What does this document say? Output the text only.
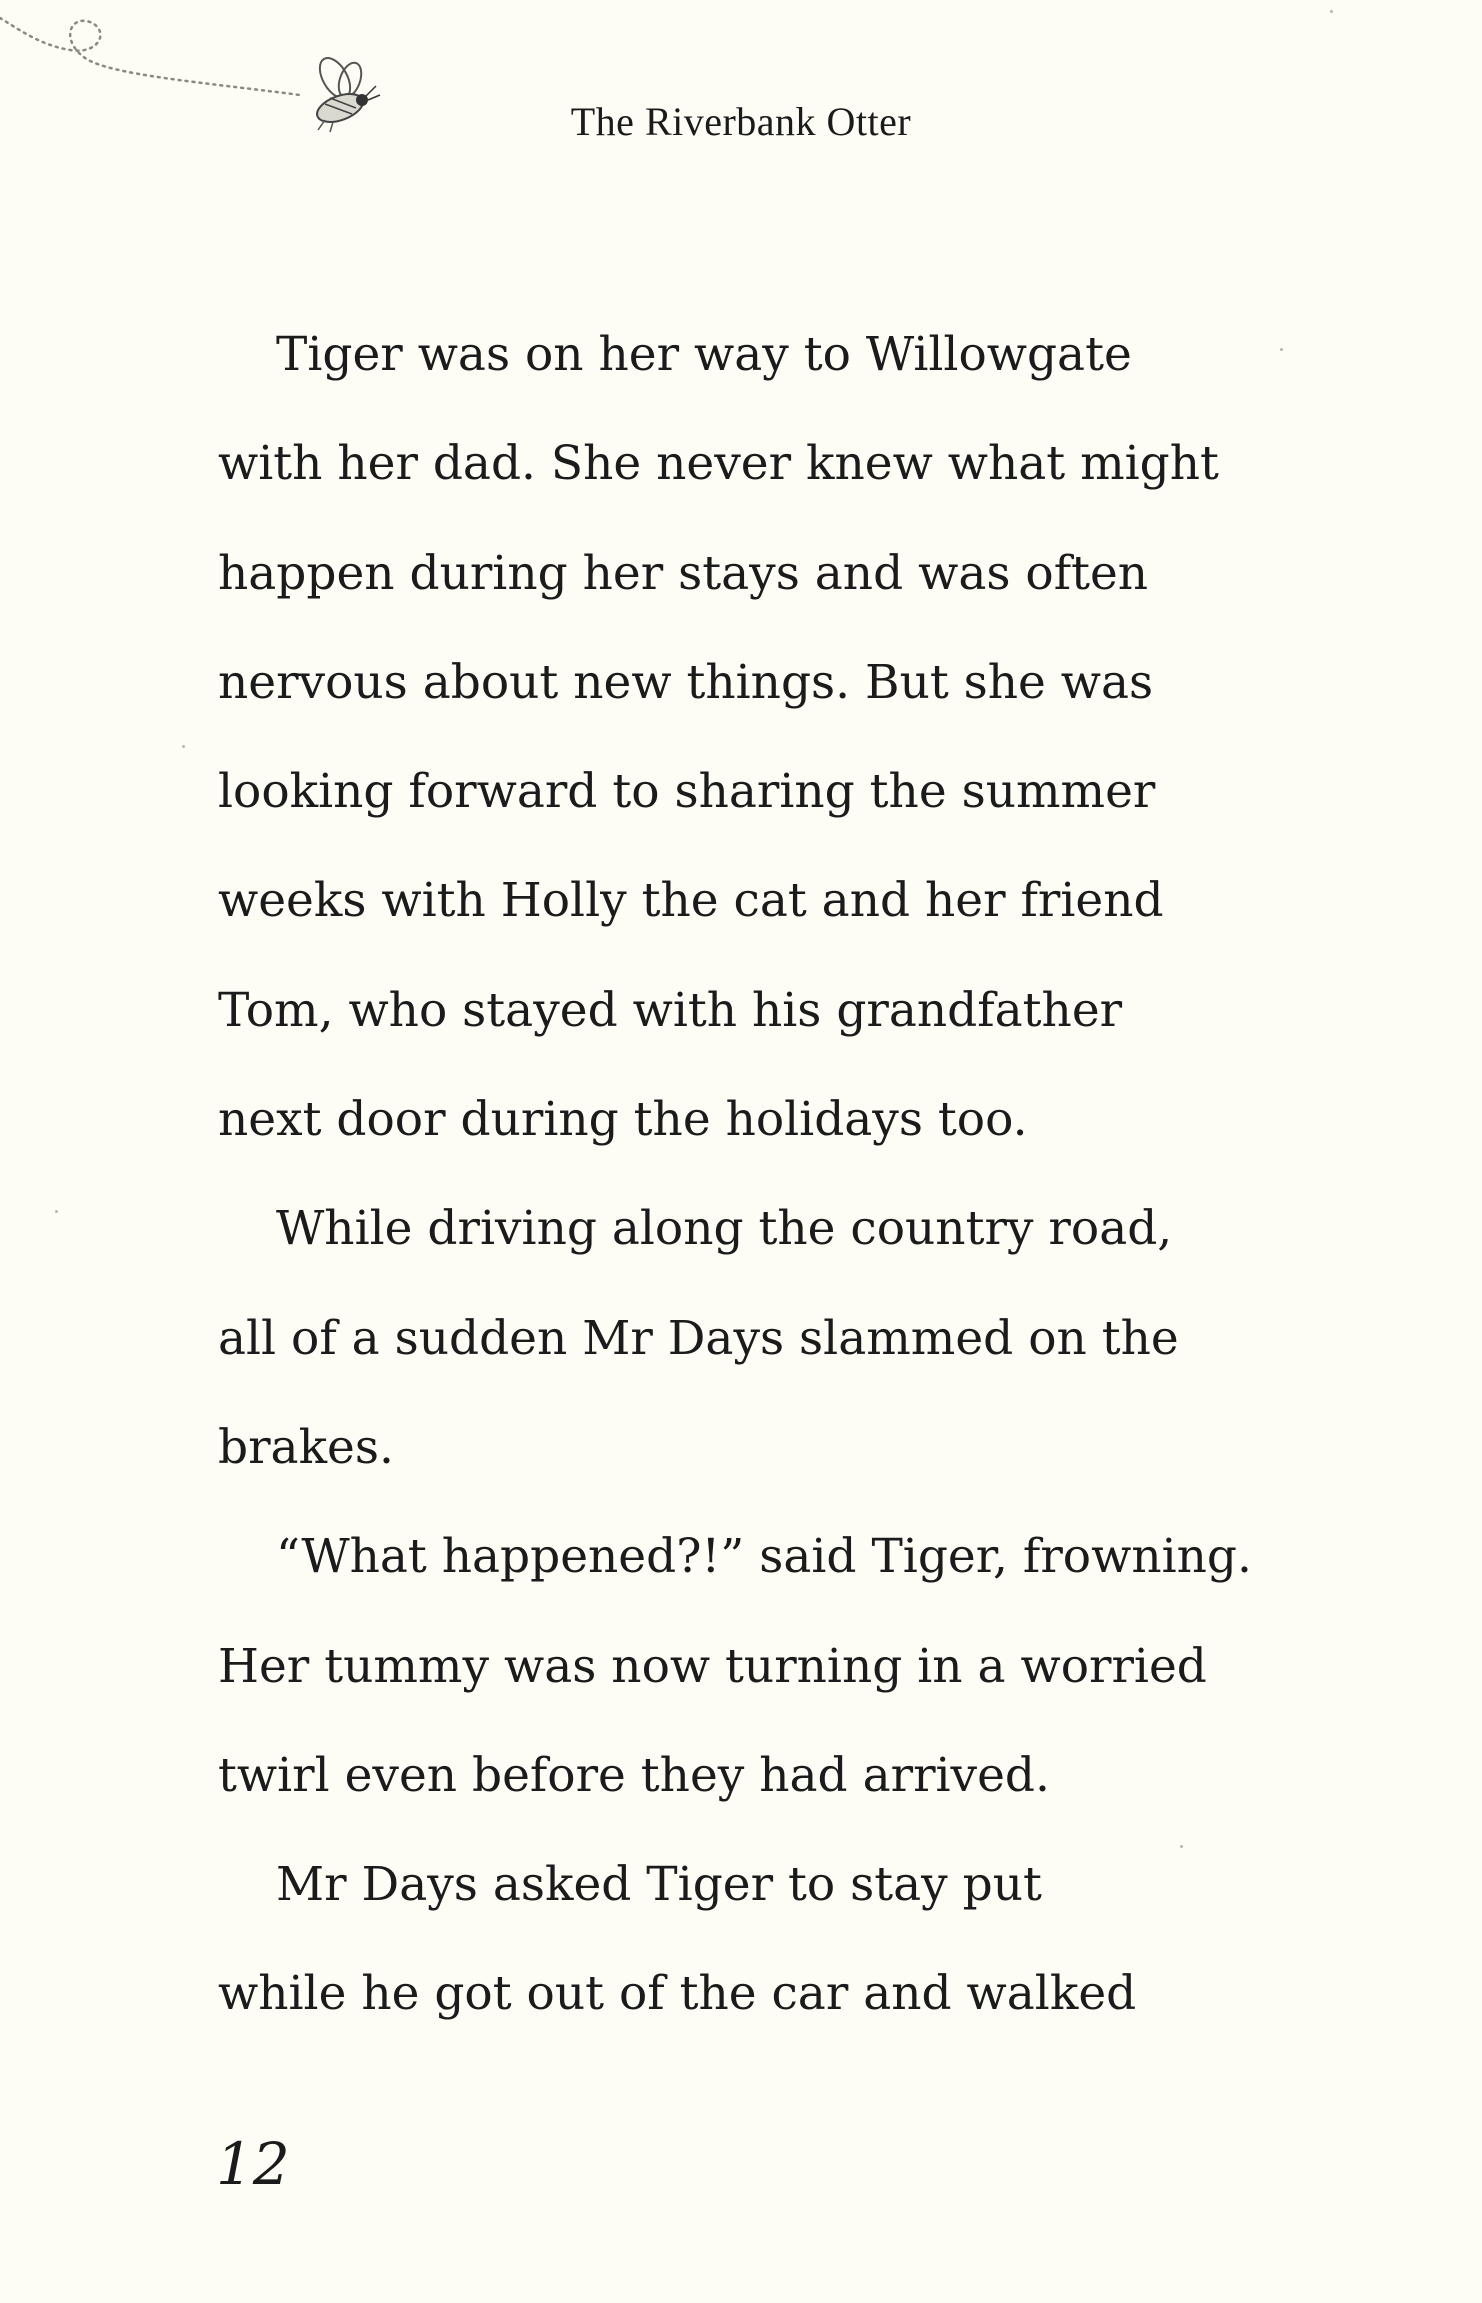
The Riverbank Otter
Tiger was on her way to Willowgate
with her dad. She never knew what might
happen during her stays and was often
nervous about new things. But she was
looking forward to sharing the summer
weeks with Holly the cat and her friend
Tom, who stayed with his grandfather
next door during the holidays too.
While driving along the country road,
all of a sudden Mr Days slammed on the
brakes.
“What happened?!” said Tiger, frowning.
Her tummy was now turning in a worried
twirl even before they had arrived.
Mr Days asked Tiger to stay put
while he got out of the car and walked
12
